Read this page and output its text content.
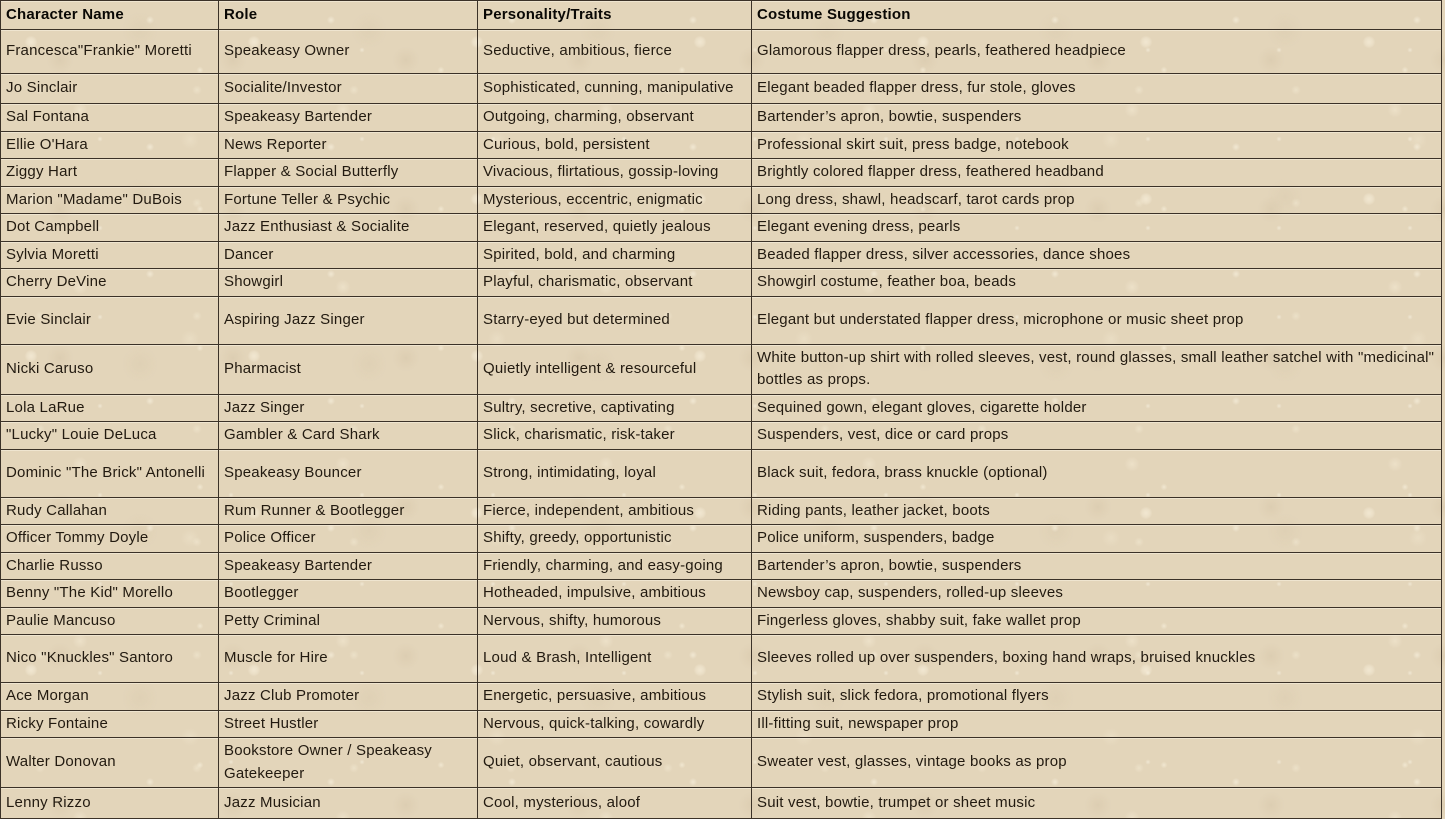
Character Name	Role	Personality/Traits	Costume Suggestion
Francesca"Frankie" Moretti	Speakeasy Owner	Seductive, ambitious, fierce	Glamorous flapper dress, pearls, feathered headpiece
Jo Sinclair	Socialite/Investor	Sophisticated, cunning, manipulative	Elegant beaded flapper dress, fur stole, gloves
Sal Fontana	Speakeasy Bartender	Outgoing, charming, observant	Bartender’s apron, bowtie, suspenders
Ellie O'Hara	News Reporter	Curious, bold, persistent	Professional skirt suit, press badge, notebook
Ziggy Hart	Flapper & Social Butterfly	Vivacious, flirtatious, gossip-loving	Brightly colored flapper dress, feathered headband
Marion "Madame" DuBois	Fortune Teller & Psychic	Mysterious, eccentric, enigmatic	Long dress, shawl, headscarf, tarot cards prop
Dot Campbell	Jazz Enthusiast & Socialite	Elegant, reserved, quietly jealous	Elegant evening dress, pearls
Sylvia Moretti	Dancer	Spirited, bold, and charming	Beaded flapper dress, silver accessories, dance shoes
Cherry DeVine	Showgirl	Playful, charismatic, observant	Showgirl costume, feather boa, beads
Evie Sinclair	Aspiring Jazz Singer	Starry-eyed but determined	Elegant but understated flapper dress, microphone or music sheet prop
Nicki Caruso	Pharmacist	Quietly intelligent & resourceful	White button-up shirt with rolled sleeves, vest, round glasses, small leather satchel with "medicinal" bottles as props.
Lola LaRue	Jazz Singer	Sultry, secretive, captivating	Sequined gown, elegant gloves, cigarette holder
"Lucky" Louie DeLuca	Gambler & Card Shark	Slick, charismatic, risk-taker	Suspenders, vest, dice or card props
Dominic "The Brick" Antonelli	Speakeasy Bouncer	Strong, intimidating, loyal	Black suit, fedora, brass knuckle (optional)
Rudy Callahan	Rum Runner & Bootlegger	Fierce, independent, ambitious	Riding pants, leather jacket, boots
Officer Tommy Doyle	Police Officer	Shifty, greedy, opportunistic	Police uniform, suspenders, badge
Charlie Russo	Speakeasy Bartender	Friendly, charming, and easy-going	Bartender’s apron, bowtie, suspenders
Benny "The Kid" Morello	Bootlegger	Hotheaded, impulsive, ambitious	Newsboy cap, suspenders, rolled-up sleeves
Paulie Mancuso	Petty Criminal	Nervous, shifty, humorous	Fingerless gloves, shabby suit, fake wallet prop
Nico "Knuckles" Santoro	Muscle for Hire	Loud & Brash, Intelligent	Sleeves rolled up over suspenders, boxing hand wraps, bruised knuckles
Ace Morgan	Jazz Club Promoter	Energetic, persuasive, ambitious	Stylish suit, slick fedora, promotional flyers
Ricky Fontaine	Street Hustler	Nervous, quick-talking, cowardly	Ill-fitting suit, newspaper prop
Walter Donovan	Bookstore Owner / Speakeasy Gatekeeper	Quiet, observant, cautious	Sweater vest, glasses, vintage books as prop
Lenny Rizzo	Jazz Musician	Cool, mysterious, aloof	Suit vest, bowtie, trumpet or sheet music
